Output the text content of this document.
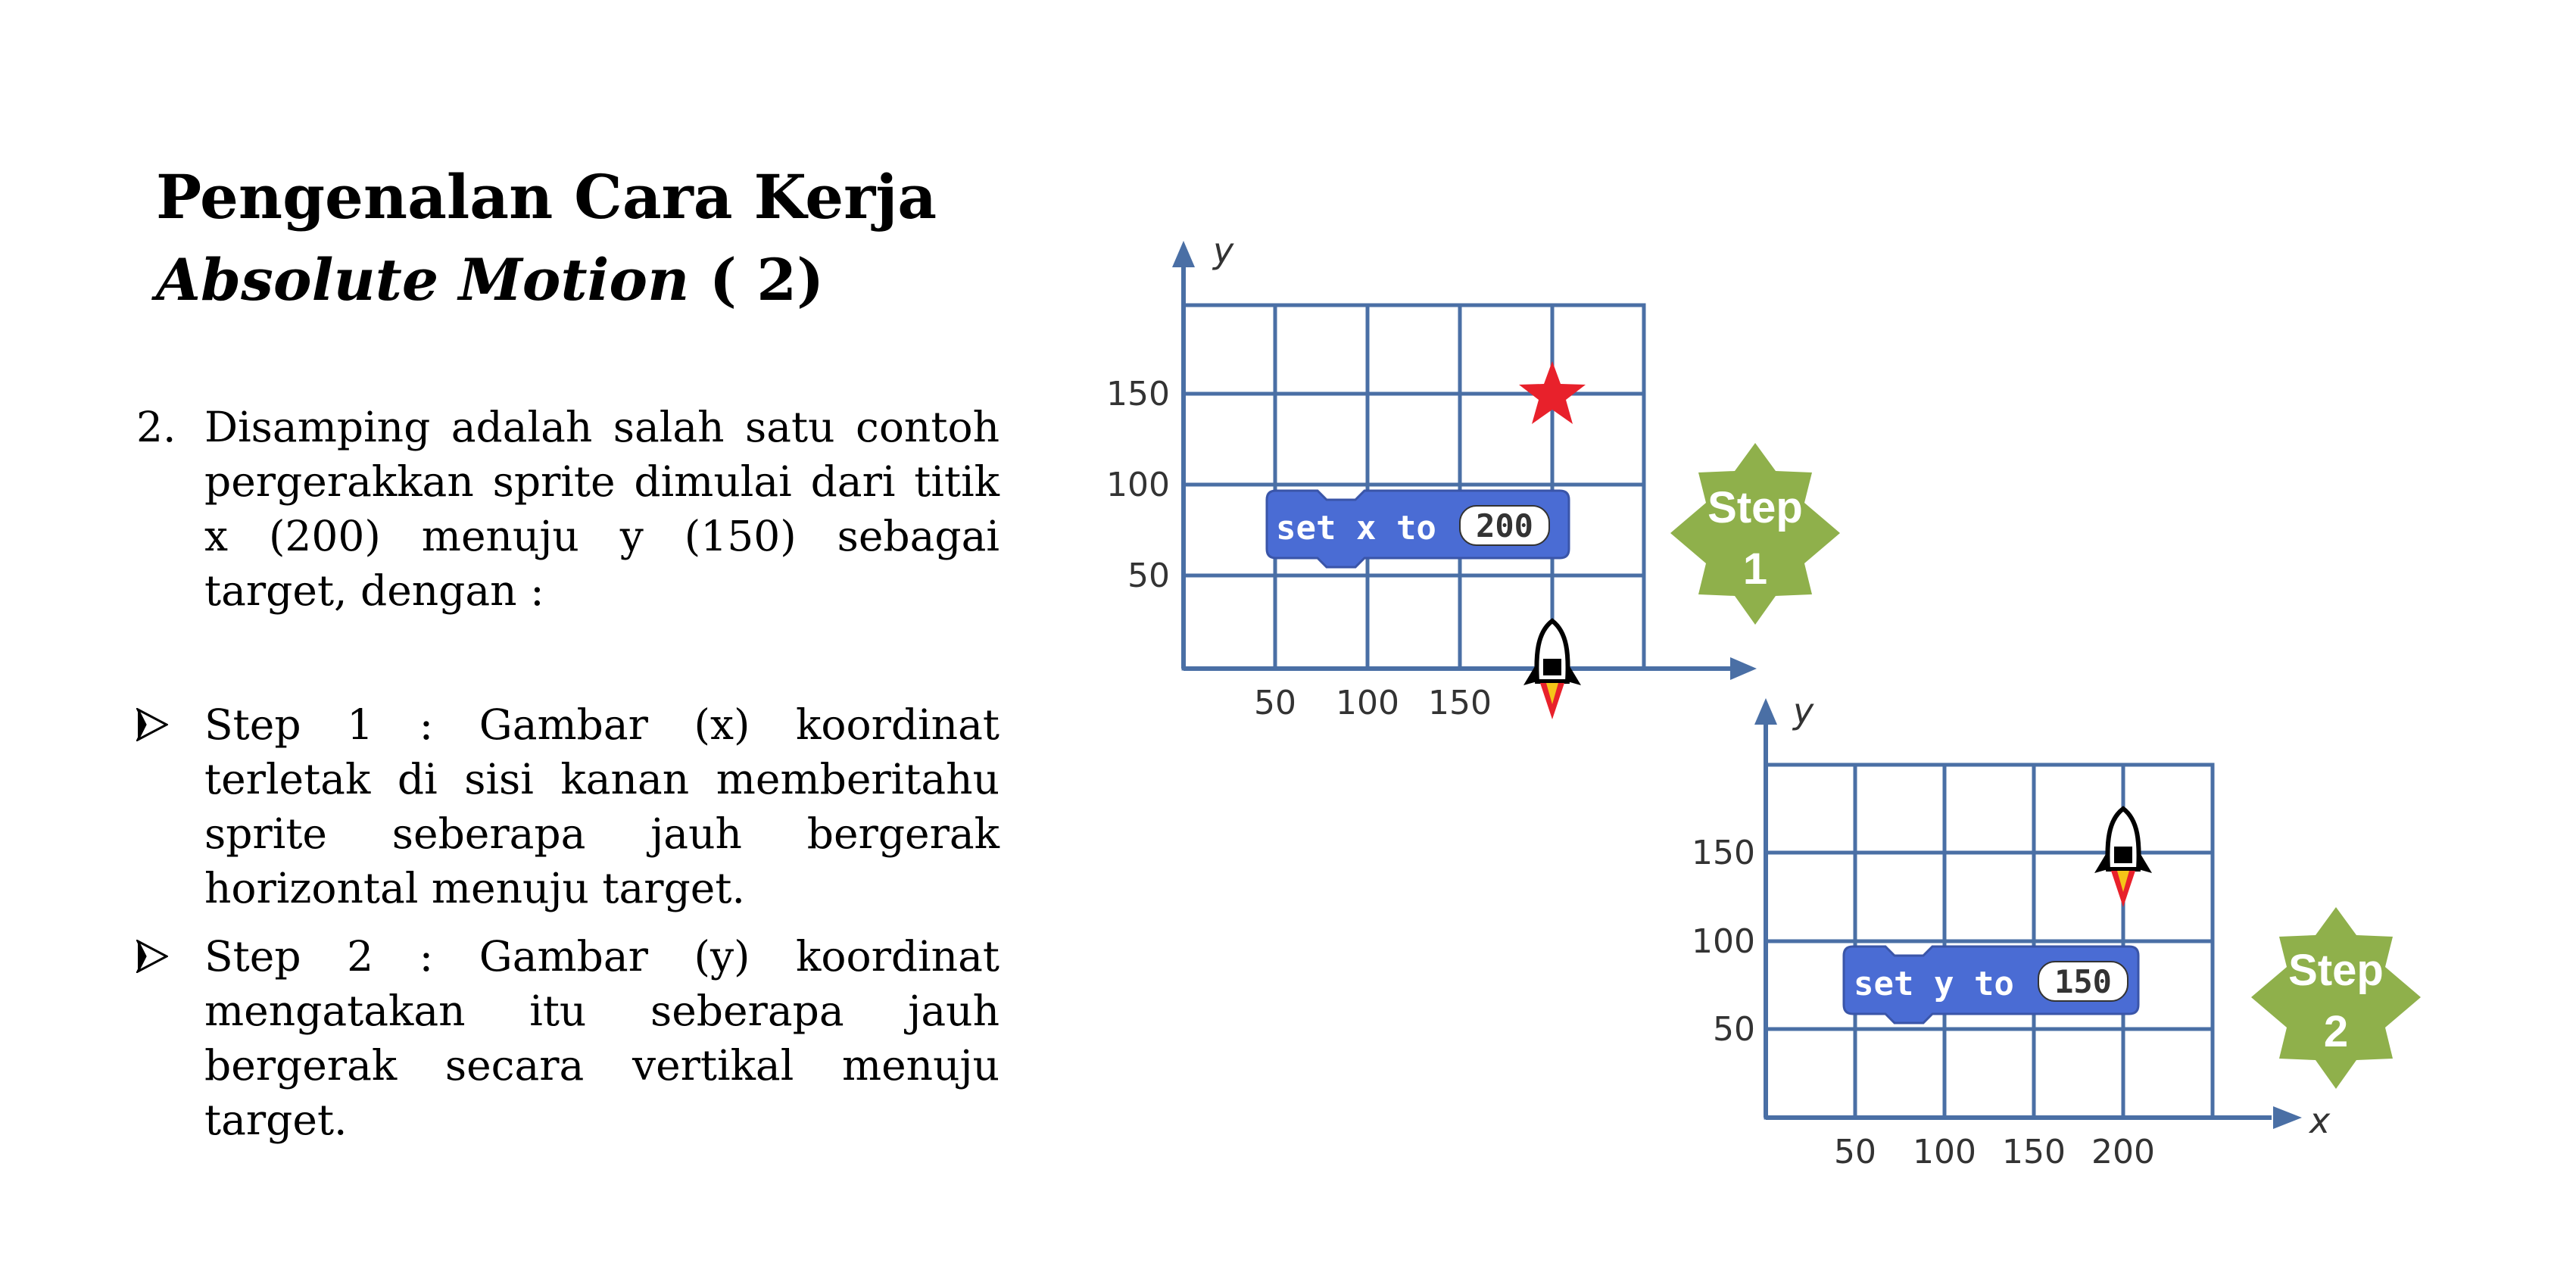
Pengenalan Cara Kerja
Absolute Motion ( 2)
2. Disamping adalah salah satu contoh pergerakkan sprite dimulai dari titik x (200) menuju y (150) sebagai target, dengan :
Step 1 : Gambar (x) koordinat terletak di sisi kanan memberitahu sprite seberapa jauh bergerak horizontal menuju target.
Step 2 : Gambar (y) koordinat mengatakan itu seberapa jauh bergerak secara vertikal menuju target.
y
150
100
50
50 100 150
set x to 200	Step
1
y
x
150
100
50
50 100 150 200
set y to 150	Step
2
